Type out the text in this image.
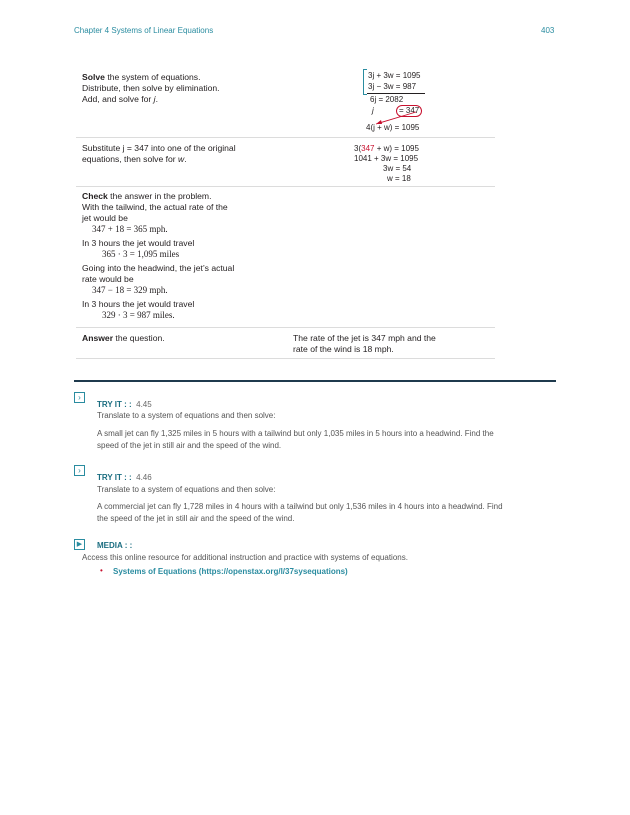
Chapter 4 Systems of Linear Equations	403
Solve the system of equations.
Distribute, then solve by elimination.
Add, and solve for j.
3j + 3w = 1095
3j − 3w = 987
6j = 2082
j	= 347
4(j + w) = 1095
Substitute j = 347 into one of the original
equations, then solve for w.
3(347 + w) = 1095
1041 + 3w = 1095
3w = 54
w = 18
Check the answer in the problem.
With the tailwind, the actual rate of the
jet would be
347 + 18 = 365 mph.
In 3 hours the jet would travel
365 · 3 = 1,095 miles
Going into the headwind, the jet’s actual
rate would be
347 − 18 = 329 mph.
In 3 hours the jet would travel
329 · 3 = 987 miles.
Answer the question.	The rate of the jet is 347 mph and the
rate of the wind is 18 mph.
›
TRY IT : : 4.45
Translate to a system of equations and then solve:
A small jet can fly 1,325 miles in 5 hours with a tailwind but only 1,035 miles in 5 hours into a headwind. Find the
speed of the jet in still air and the speed of the wind.
›
TRY IT : : 4.46
Translate to a system of equations and then solve:
A commercial jet can fly 1,728 miles in 4 hours with a tailwind but only 1,536 miles in 4 hours into a headwind. Find
the speed of the jet in still air and the speed of the wind.
▶	MEDIA : :
Access this online resource for additional instruction and practice with systems of equations.
• Systems of Equations (https://openstax.org/l/37sysequations)
